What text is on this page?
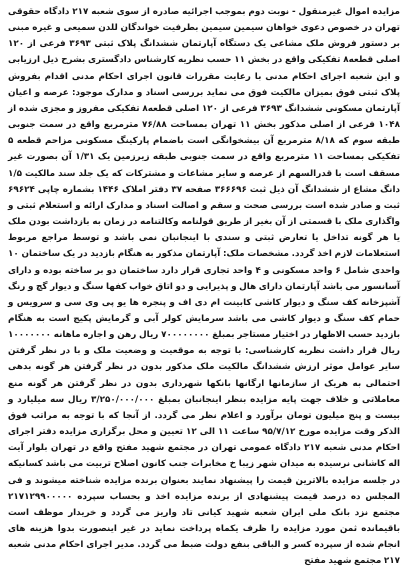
مزایده اموال غیرمنقول - نوبت دوم بموجب اجرائیه صادره از سوی شعبه ۲۱۷ دادگاه حقوقی تهران در خصوص دعوی خواهان سیمین سیمین بطرفیت خواندگان للدن سمیعی و غیره مبنی بر دستور فروش ملک مشاعی یک دستگاه آپارتمان ششدانگ پلاک ثبتی ۳۶۹۳ فرعی از ۱۲۰ اصلی قطعه۸ تفکیکی واقع در بخش ۱۱ حسب نظریه کارشناس دادگستری بشرح ذیل ارزیابی و این شعبه اجرای احکام مدنی با رعایت مقررات قانون اجرای احکام مدنی اقدام بفروش پلاک ثبتی فوق بمیزان مالکیت فوق می نماید بررسی اسناد و مدارک موجود: عرصه و اعیان آپارتمان مسکونی ششدانگ ۳۶۹۳ فرعی از ۱۲۰ اصلی قطعه۸ تفکیکی مفروز و مجزی شده از ۱۰۴۸ فرعی از اصلی مذکور بخش ۱۱ تهران بمساحت ۷۶/۸۸ مترمربع واقع در سمت جنوبی طبقه سوم که ۸/۱۸ مترمربع آن بیشخوانگی است باضمام پارکینگ مسکونی مزاحم قطعه ۵ تفکیکی بمساحت ۱۱ مترمربع واقع در سمت جنوبی طبقه زیرزمین یک ۱/۳۱ آن بصورت غیر مسقف است با قدرالسهم از عرصه و سایر مشاعات و مشترکات که یک جلد سند مالکیت ۱/۵ دانگ مشاع از ششدانگ آن ذیل ثبت ۳۶۶۶۹۶ صفحه ۳۷ دفتر املاک ۱۴۴۶ بشماره چاپی ۶۹۶۲۴ ثبت و صادر شده است بررسی صحت و سقم و اصالت اسناد و مدارک ارائه و استعلام ثبتی و واگذاری ملک با قسمتی از آن بغیر از طریق قولنامه وکالتنامه در زمان به بازداشت بودن ملک یا هر گونه تداخل یا تعارض ثبتی و سندی با اینجانبان نمی باشد و توسط مراجع مربوط استعلامات لازم اخذ گردد. مشخصات ملک: آپارتمان مذکور به هنگام بازدید در یک ساختمان ۱۰ واحدی شامل ۶ واحد مسکونی و ۴ واحد تجاری قرار دارد ساختمان دو بر ساخته بوده و دارای آسانسور می باشد آپارتمان دارای هال و پذیرایی و دو اتاق خواب کفها سنگ و دیوار گچ و رنگ آشپزخانه کف سنگ و دیوار کاشی کابینت ام دی اف و پنجره ها یو پی وی سی و سرویس و حمام کف سنگ و دیوار کاشی می باشد سرمایش کولر آبی و گرمایش پکیج است به هنگام بازدید حسب الاظهار در اختیار مستاجر بمبلغ ۷۰۰۰۰۰۰۰۰ ریال رهن و اجاره ماهانه ۱۰۰۰۰۰۰۰ ریال قرار داشت نظریه کارشناسی: با توجه به موقعیت و وضعیت ملک و با در نظر گرفتن سایر عوامل موثر ارزش ششدانگ مالکیت ملک مذکور بدون در نظر گرفتن هر گونه بدهی احتمالی به هریک از سازمانها ارگانها بانکها شهرداری بدون در نظر گرفتن هر گونه منع معاملاتی و خلاف جهت پایه مزایده بنظر اینجانبان بمبلغ ۳/۲۵۰/۰۰۰/۰۰۰ ریال سه میلیارد و بیست و پنج میلیون تومان برآورد و اعلام نظر می گردد. از آنجا که با توجه به مراتب فوق الذکر وقت مزایده مورخ ۹۵/۷/۱۲ ساعت ۱۱ الی ۱۲ تعیین و محل برگزاری مزایده دفتر اجرای احکام مدنی شعبه ۲۱۷ دادگاه عمومی تهران در مجتمع شهید مفتح واقع در تهران بلوار آیت اله کاشانی نرسیده به میدان شهر زیبا خ مخابرات جنب کانون اصلاح تربیت می باشد کسانیکه در جلسه مزایده بالاترین قیمت را پیشنهاد نمایند بعنوان برنده مزایده شناخته میشوند و فی المجلس ده درصد قیمت پیشنهادی از برنده مزایده اخذ و بحساب سپرده ۲۱۷۱۲۹۹۰۰۰۰۰ مجتمع نزد بانک ملی ایران شعبه شهید کیانی تاد واریز می گردد و خریدار موظف است باقیمانده ثمن مورد مزایده را ظرف یکماه پرداخت نماید در غیر اینصورت بدوا هزینه های انجام شده از سپرده کسر و الباقی بنفع دولت ضبط می گردد. مدیر اجرای احکام مدنی شعبه ۲۱۷ مجتمع شهید مفتح
